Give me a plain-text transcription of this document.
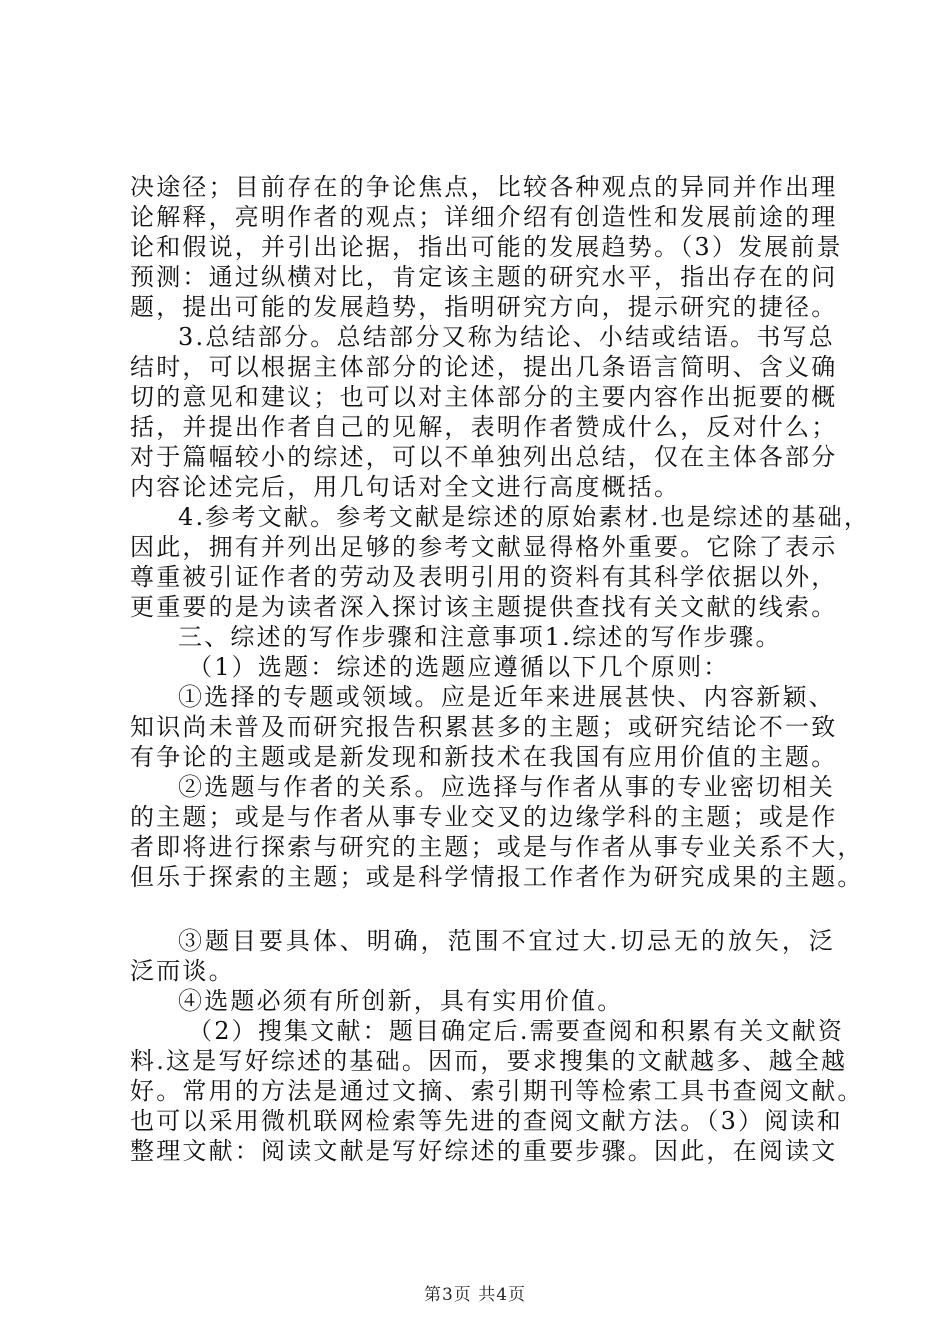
决途径；目前存在的争论焦点，比较各种观点的异同并作出理
论解释，亮明作者的观点；详细介绍有创造性和发展前途的理
论和假说，并引出论据，指出可能的发展趋势。（3）发展前景
预测：通过纵横对比，肯定该主题的研究水平，指出存在的问
题，提出可能的发展趋势，指明研究方向，提示研究的捷径。
3.总结部分。总结部分又称为结论、小结或结语。书写总
结时，可以根据主体部分的论述，提出几条语言简明、含义确
切的意见和建议；也可以对主体部分的主要内容作出扼要的概
括，并提出作者自己的见解，表明作者赞成什么，反对什么；
对于篇幅较小的综述，可以不单独列出总结，仅在主体各部分
内容论述完后，用几句话对全文进行高度概括。
4.参考文献。参考文献是综述的原始素材.也是综述的基础，
因此，拥有并列出足够的参考文献显得格外重要。它除了表示
尊重被引证作者的劳动及表明引用的资料有其科学依据以外，
更重要的是为读者深入探讨该主题提供查找有关文献的线索。
三、综述的写作步骤和注意事项1.综述的写作步骤。
（1）选题：综述的选题应遵循以下几个原则：
①选择的专题或领域。应是近年来进展甚快、内容新颖、
知识尚未普及而研究报告积累甚多的主题；或研究结论不一致
有争论的主题或是新发现和新技术在我国有应用价值的主题。
②选题与作者的关系。应选择与作者从事的专业密切相关
的主题；或是与作者从事专业交叉的边缘学科的主题；或是作
者即将进行探索与研究的主题；或是与作者从事专业关系不大，
但乐于探索的主题；或是科学情报工作者作为研究成果的主题。
③题目要具体、明确，范围不宜过大.切忌无的放矢，泛
泛而谈。
④选题必须有所创新，具有实用价值。
（2）搜集文献：题目确定后.需要查阅和积累有关文献资
料.这是写好综述的基础。因而，要求搜集的文献越多、越全越
好。常用的方法是通过文摘、索引期刊等检索工具书查阅文献。
也可以采用微机联网检索等先进的查阅文献方法。（3）阅读和
整理文献：阅读文献是写好综述的重要步骤。因此，在阅读文
第3页 共4页
